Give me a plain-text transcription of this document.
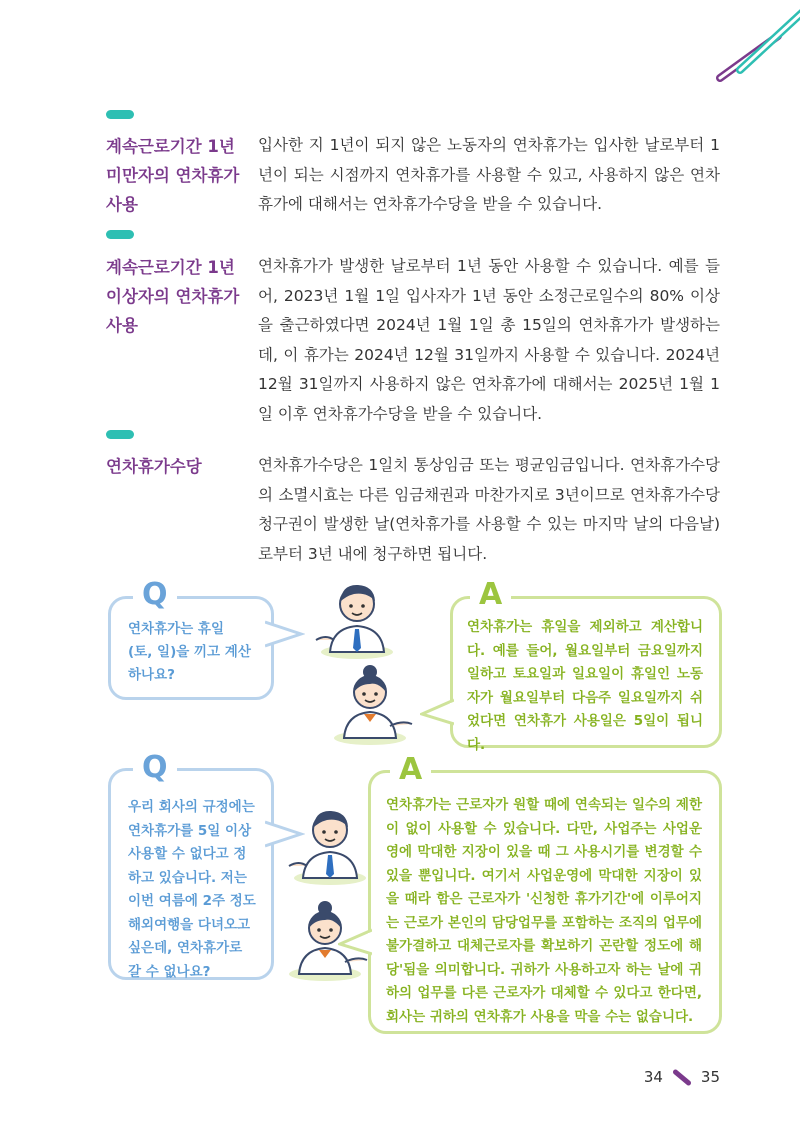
계속근로기간 1년 미만자의 연차휴가 사용
입사한 지 1년이 되지 않은 노동자의 연차휴가는 입사한 날로부터 1년이 되는 시점까지 연차휴가를 사용할 수 있고, 사용하지 않은 연차휴가에 대해서는 연차휴가수당을 받을 수 있습니다.
계속근로기간 1년 이상자의 연차휴가 사용
연차휴가가 발생한 날로부터 1년 동안 사용할 수 있습니다. 예를 들어, 2023년 1월 1일 입사자가 1년 동안 소정근로일수의 80% 이상을 출근하였다면 2024년 1월 1일 총 15일의 연차휴가가 발생하는데, 이 휴가는 2024년 12월 31일까지 사용할 수 있습니다. 2024년 12월 31일까지 사용하지 않은 연차휴가에 대해서는 2025년 1월 1일 이후 연차휴가수당을 받을 수 있습니다.
연차휴가수당	연차휴가수당은 1일치 통상임금 또는 평균임금입니다. 연차휴가수당의 소멸시효는 다른 임금채권과 마찬가지로 3년이므로 연차휴가수당 청구권이 발생한 날(연차휴가를 사용할 수 있는 마지막 날의 다음날)로부터 3년 내에 청구하면 됩니다.
Q
연차휴가는 휴일 (토, 일)을 끼고 계산하나요?
A
연차휴가는 휴일을 제외하고 계산합니다. 예를 들어, 월요일부터 금요일까지 일하고 토요일과 일요일이 휴일인 노동자가 월요일부터 다음주 일요일까지 쉬었다면 연차휴가 사용일은 5일이 됩니다.
Q
우리 회사의 규정에는 연차휴가를 5일 이상 사용할 수 없다고 정하고 있습니다. 저는 이번 여름에 2주 정도 해외여행을 다녀오고 싶은데, 연차휴가로 갈 수 없나요?
A
연차휴가는 근로자가 원할 때에 연속되는 일수의 제한이 없이 사용할 수 있습니다. 다만, 사업주는 사업운영에 막대한 지장이 있을 때 그 사용시기를 변경할 수 있을 뿐입니다. 여기서 사업운영에 막대한 지장이 있을 때라 함은 근로자가 '신청한 휴가기간'에 이루어지는 근로가 본인의 담당업무를 포함하는 조직의 업무에 불가결하고 대체근로자를 확보하기 곤란할 정도에 해당'됨을 의미합니다. 귀하가 사용하고자 하는 날에 귀하의 업무를 다른 근로자가 대체할 수 있다고 한다면, 회사는 귀하의 연차휴가 사용을 막을 수는 없습니다.
34	35
